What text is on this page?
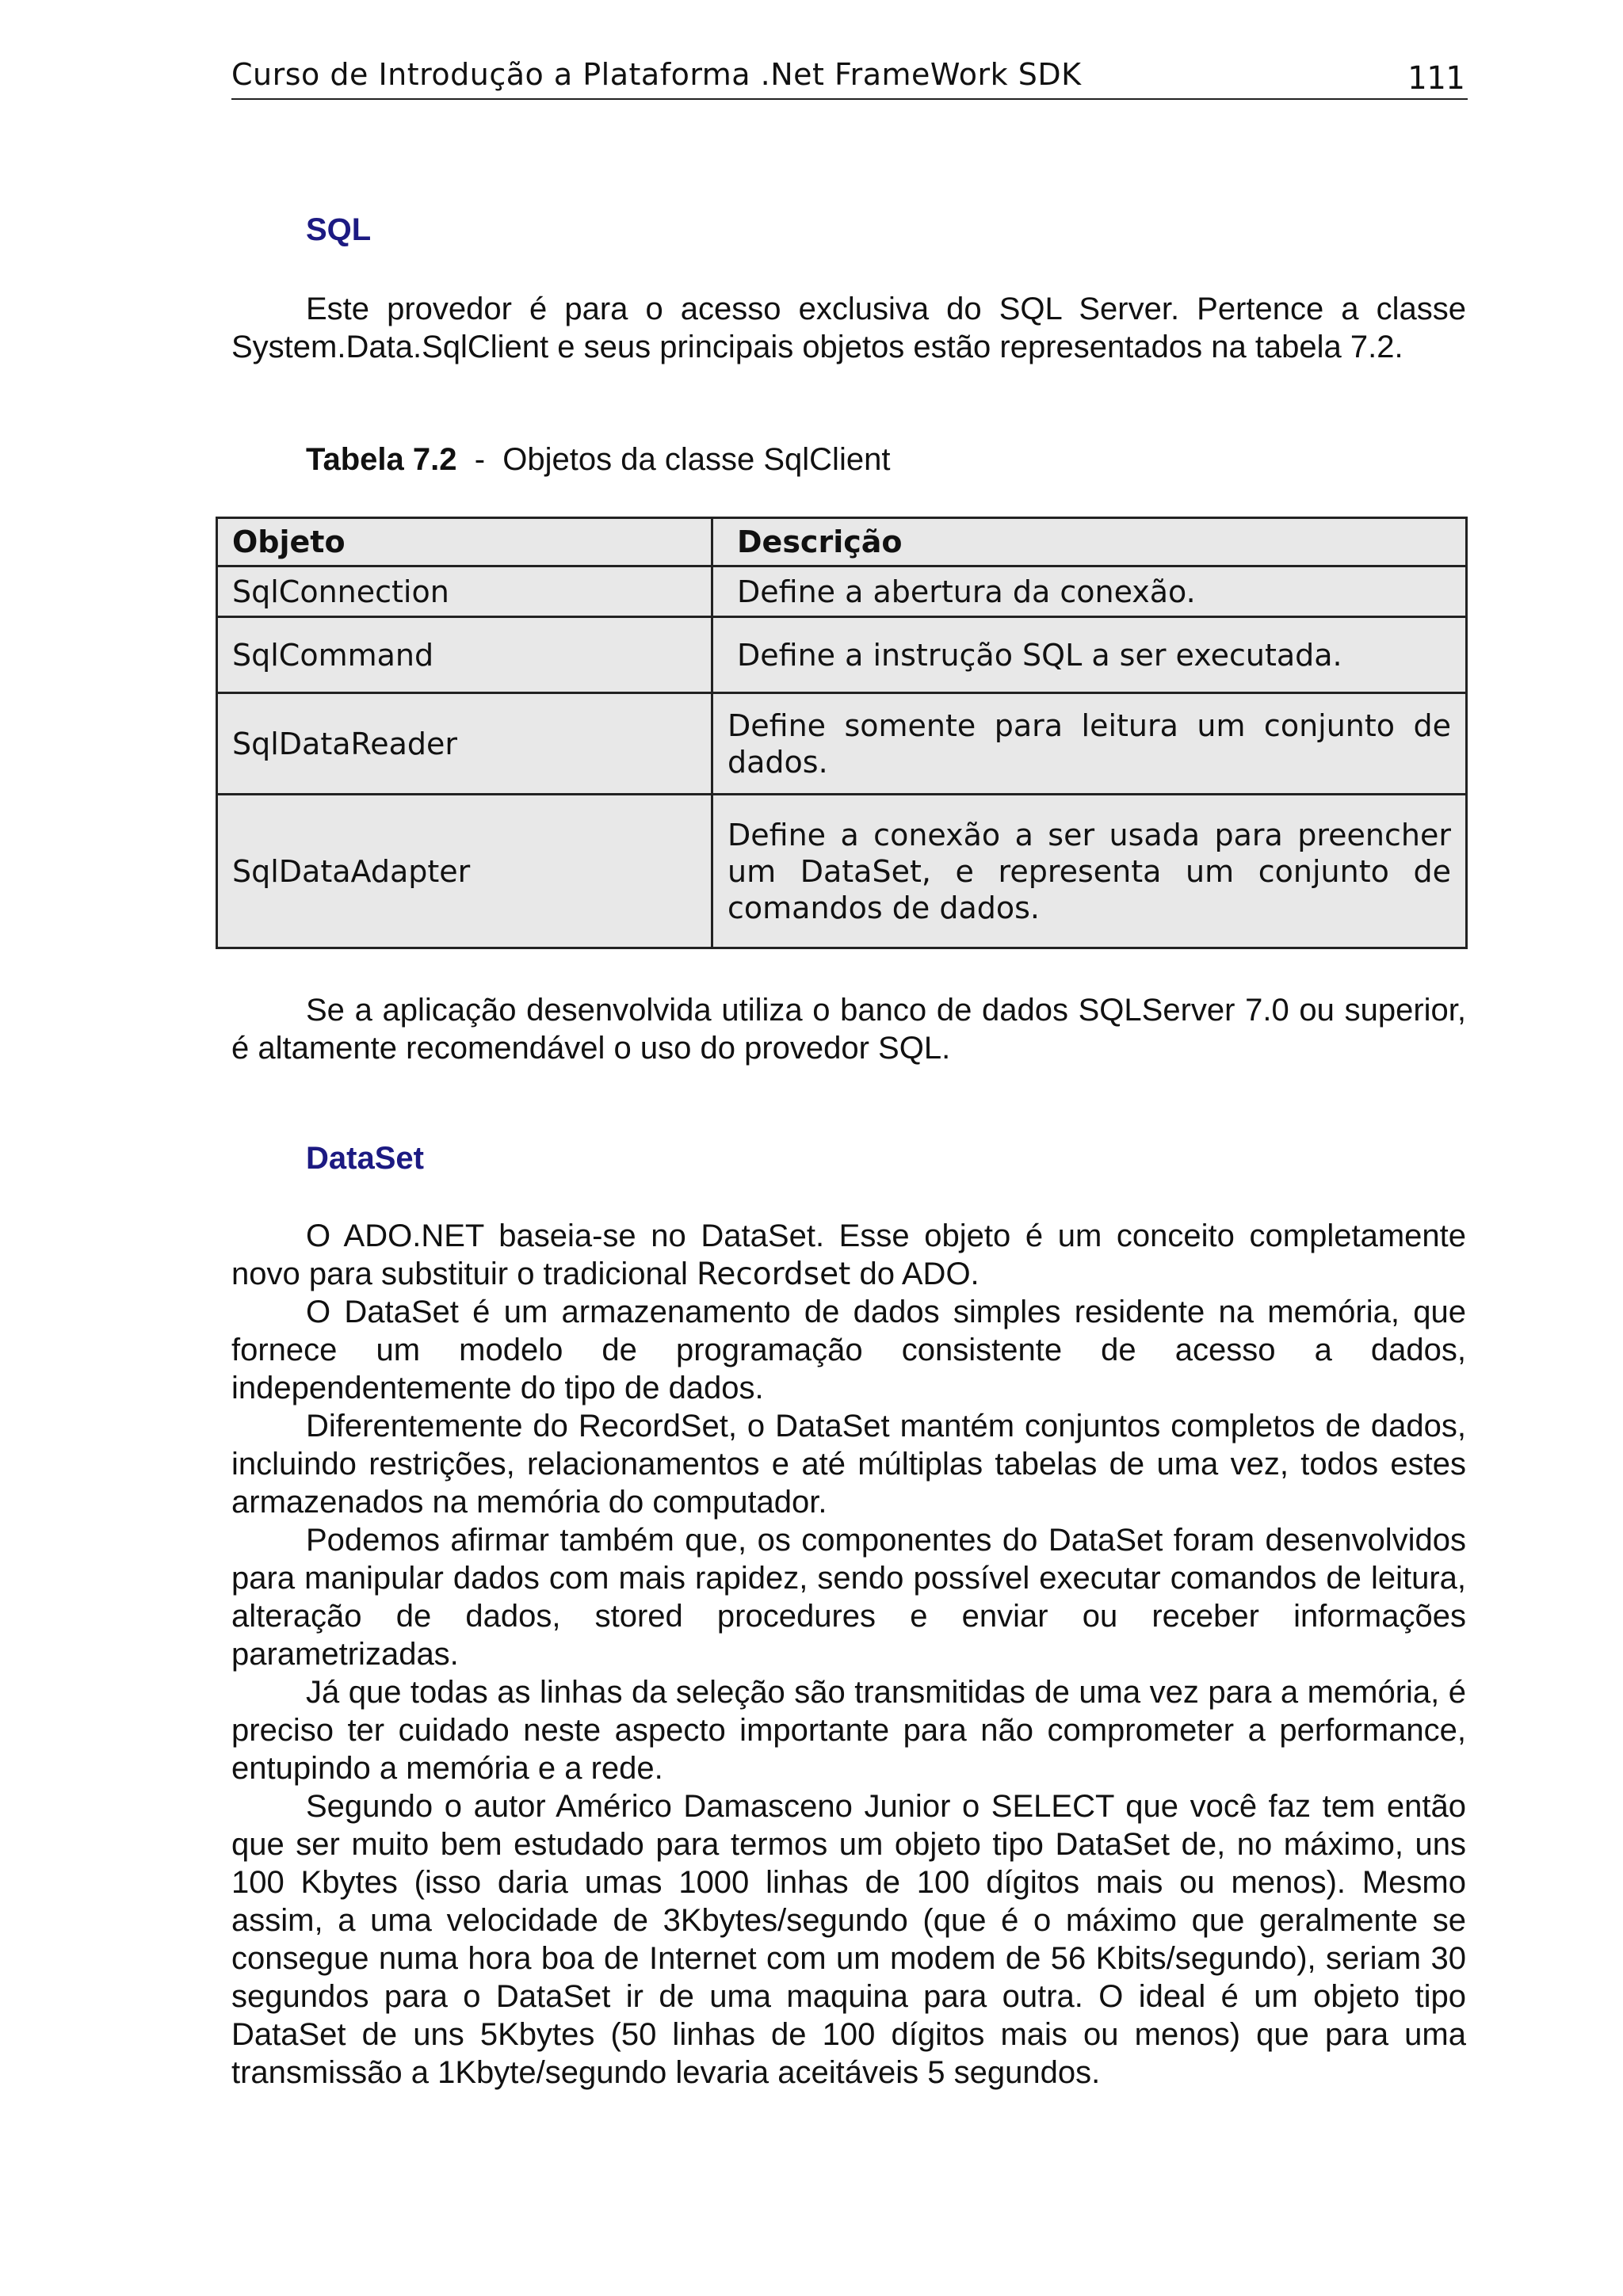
Curso de Introdução a Plataforma .Net FrameWork SDK	111
SQL

Este provedor é para o acesso exclusiva do SQL Server. Pertence a classe System.Data.SqlClient e seus principais objetos estão representados na tabela 7.2.

Tabela 7.2 - Objetos da classe SqlClient
Objeto	Descrição
SqlConnection	Define a abertura da conexão.
SqlCommand	Define a instrução SQL a ser executada.
SqlDataReader	Define somente para leitura um conjunto de dados.
SqlDataAdapter	Define a conexão a ser usada para preencher um DataSet, e representa um conjunto de comandos de dados.

Se a aplicação desenvolvida utiliza o banco de dados SQLServer 7.0 ou superior, é altamente recomendável o uso do provedor SQL.

DataSet

O ADO.NET baseia-se no DataSet. Esse objeto é um conceito completamente novo para substituir o tradicional Recordset do ADO.

O DataSet é um armazenamento de dados simples residente na memória, que fornece um modelo de programação consistente de acesso a dados, independentemente do tipo de dados.

Diferentemente do RecordSet, o DataSet mantém conjuntos completos de dados, incluindo restrições, relacionamentos e até múltiplas tabelas de uma vez, todos estes armazenados na memória do computador.

Podemos afirmar também que, os componentes do DataSet foram desenvolvidos para manipular dados com mais rapidez, sendo possível executar comandos de leitura, alteração de dados, stored procedures e enviar ou receber informações parametrizadas.

Já que todas as linhas da seleção são transmitidas de uma vez para a memória, é preciso ter cuidado neste aspecto importante para não comprometer a performance, entupindo a memória e a rede.

Segundo o autor Américo Damasceno Junior o SELECT que você faz tem então que ser muito bem estudado para termos um objeto tipo DataSet de, no máximo, uns 100 Kbytes (isso daria umas 1000 linhas de 100 dígitos mais ou menos). Mesmo assim, a uma velocidade de 3Kbytes/segundo (que é o máximo que geralmente se consegue numa hora boa de Internet com um modem de 56 Kbits/segundo), seriam 30 segundos para o DataSet ir de uma maquina para outra. O ideal é um objeto tipo DataSet de uns 5Kbytes (50 linhas de 100 dígitos mais ou menos) que para uma transmissão a 1Kbyte/segundo levaria aceitáveis 5 segundos.
